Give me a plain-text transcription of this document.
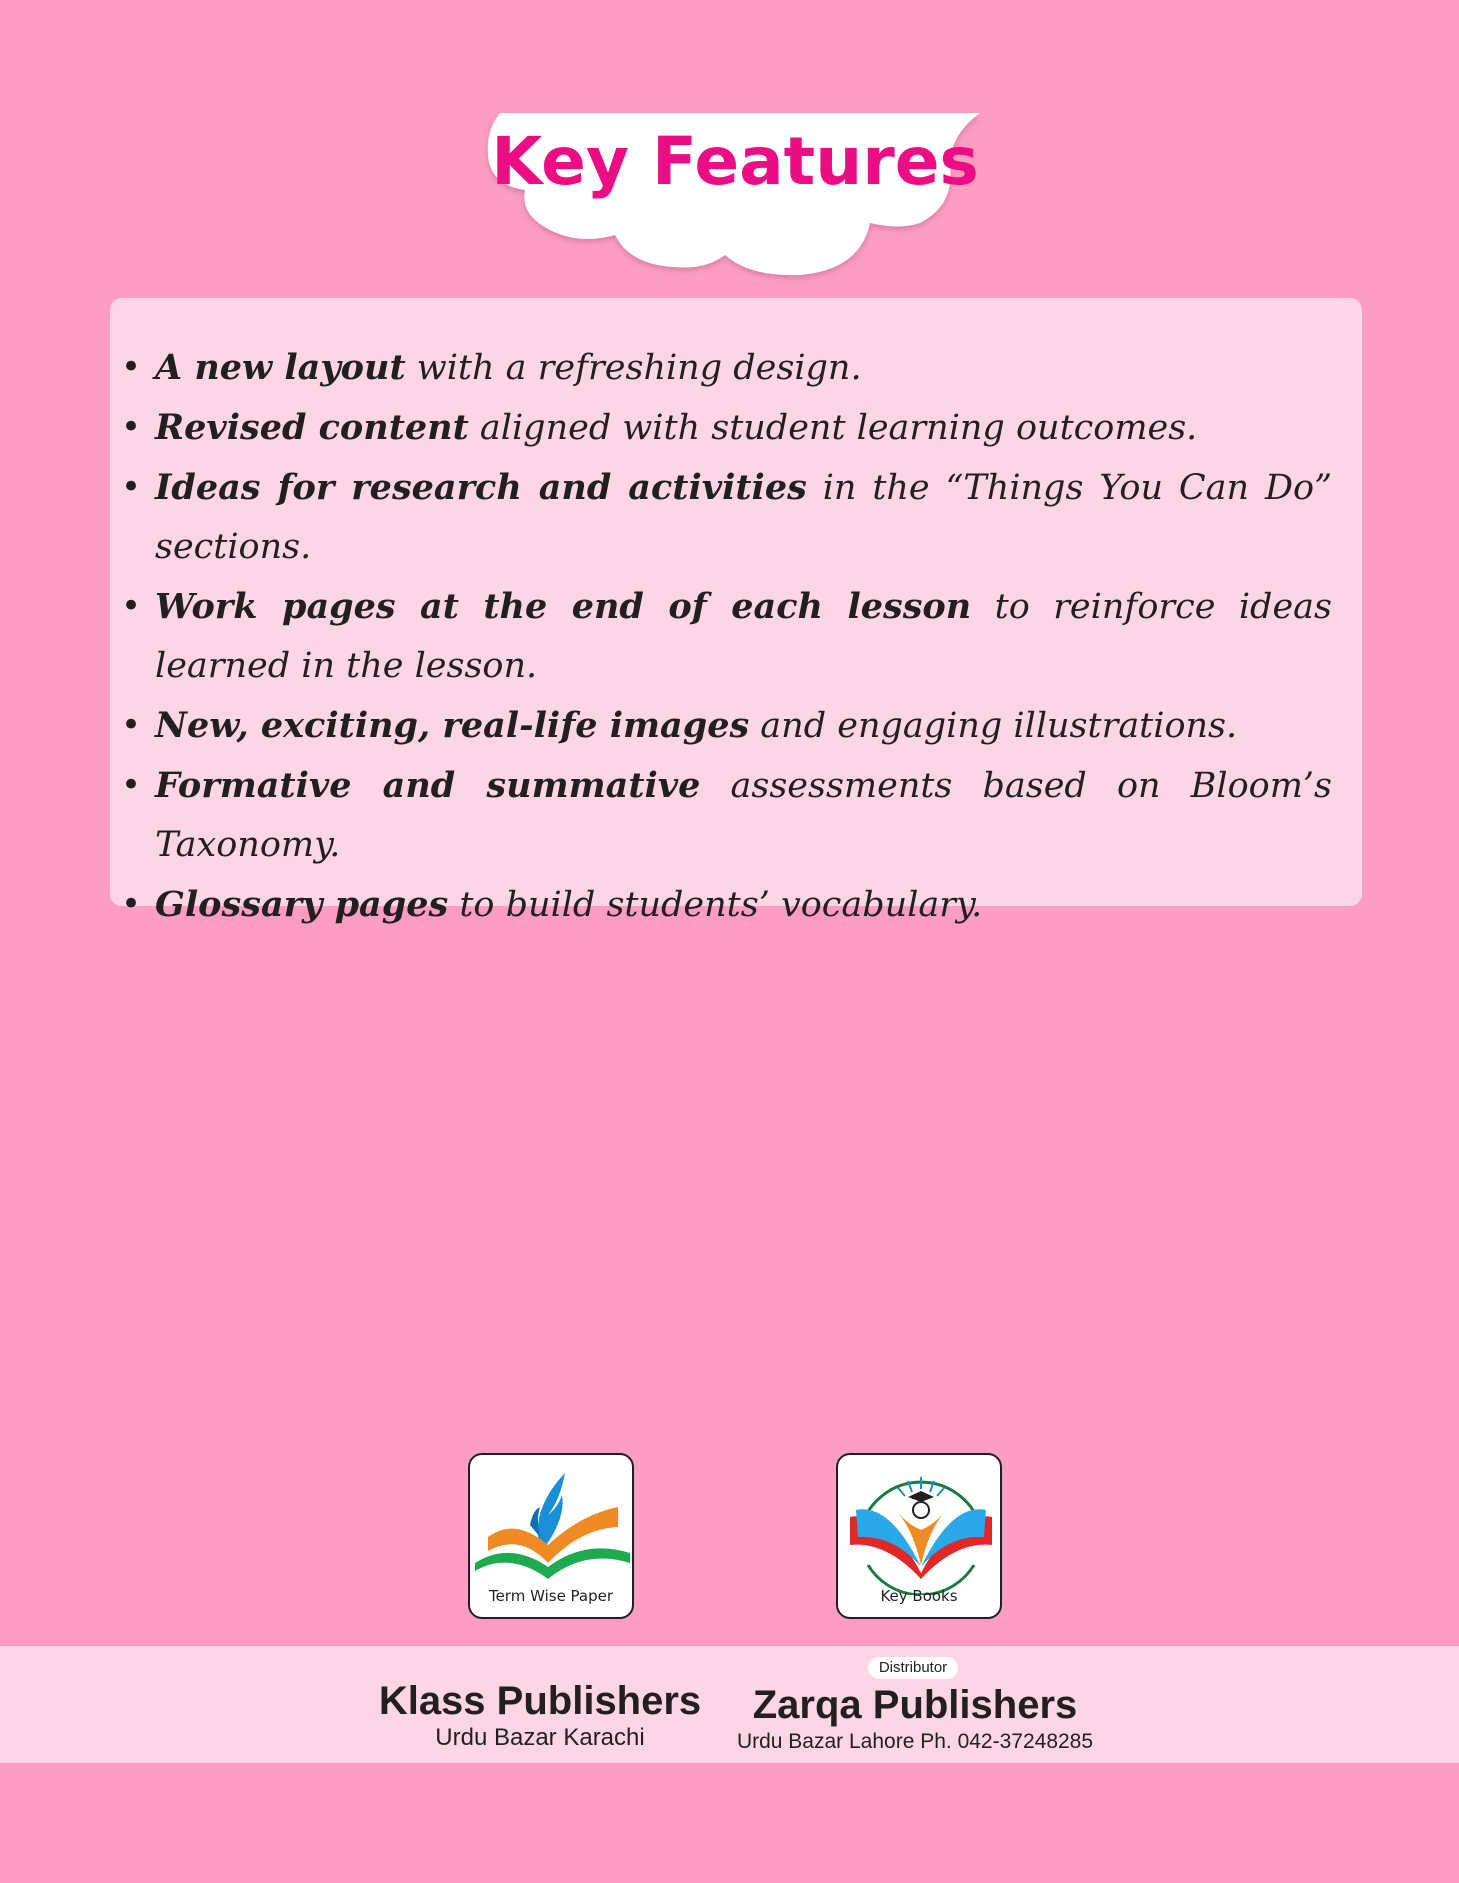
Key Features
• A new layout with a refreshing design.
• Revised content aligned with student learning outcomes.
• Ideas for research and activities in the “Things You Can Do” sections.
• Work pages at the end of each lesson to reinforce ideas learned in the lesson.
• New, exciting, real-life images and engaging illustrations.
• Formative and summative assessments based on Bloom’s Taxonomy.
• Glossary pages to build students’ vocabulary.
Term Wise Paper	Key Books
Klass Publishers
Urdu Bazar Karachi
Distributor
Zarqa Publishers
Urdu Bazar Lahore Ph. 042-37248285
